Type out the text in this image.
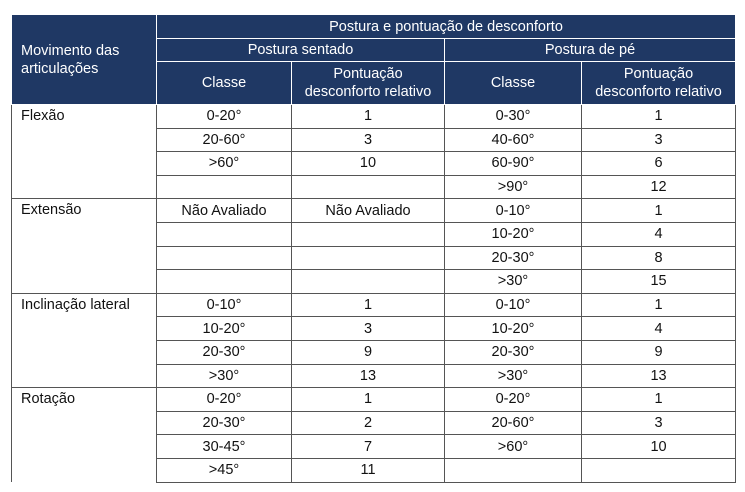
Movimento das articulações	Postura e pontuação de desconforto			
	Postura sentado		Postura de pé	
	Classe	Pontuação desconforto relativo	Classe	Pontuação desconforto relativo
Flexão	0-20°	1	0-30°	1
	20-60°	3	40-60°	3
	>60°	10	60-90°	6
			>90°	12
Extensão	Não Avaliado	Não Avaliado	0-10°	1
			10-20°	4
			20-30°	8
			>30°	15
Inclinação lateral	0-10°	1	0-10°	1
	10-20°	3	10-20°	4
	20-30°	9	20-30°	9
	>30°	13	>30°	13
Rotação	0-20°	1	0-20°	1
	20-30°	2	20-60°	3
	30-45°	7	>60°	10
	>45°	11		
